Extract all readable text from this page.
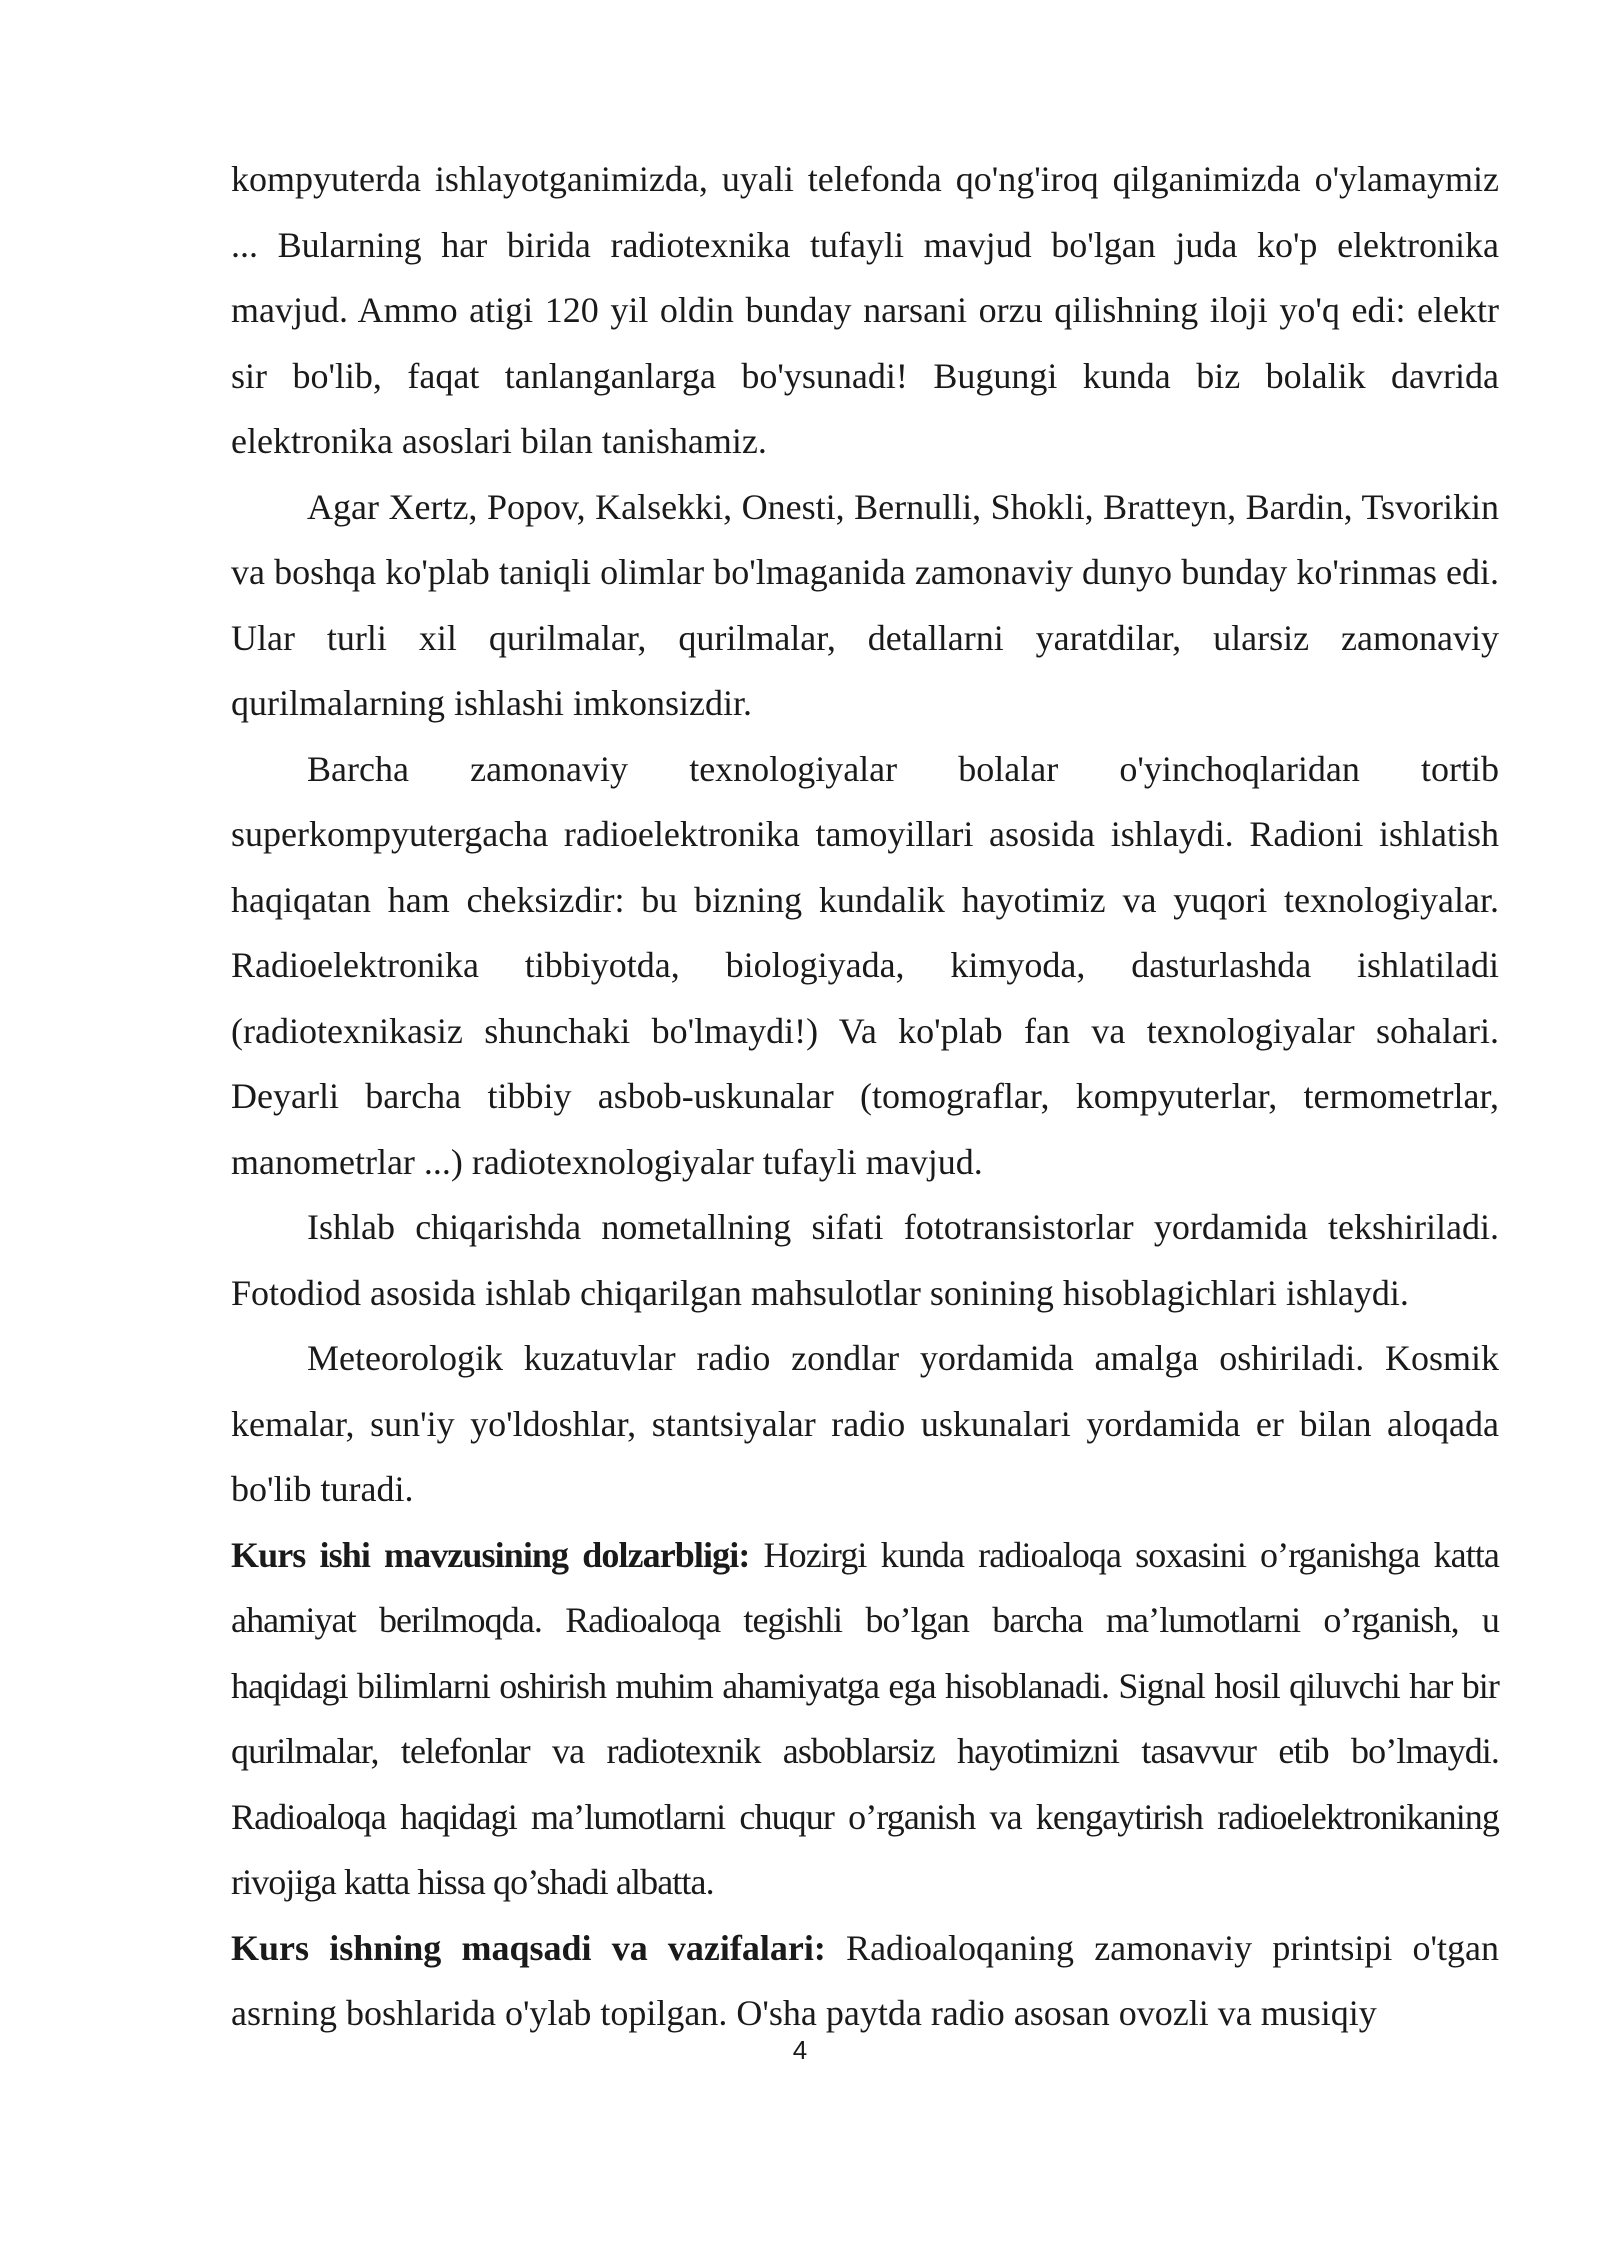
kompyuterda ishlayotganimizda, uyali telefonda qo'ng'iroq qilganimizda o'ylamaymiz ... Bularning har birida radiotexnika tufayli mavjud bo'lgan juda ko'p elektronika mavjud. Ammo atigi 120 yil oldin bunday narsani orzu qilishning iloji yo'q edi: elektr sir bo'lib, faqat tanlanganlarga bo'ysunadi! Bugungi kunda biz bolalik davrida elektronika asoslari bilan tanishamiz.

Agar Xertz, Popov, Kalsekki, Onesti, Bernulli, Shokli, Bratteyn, Bardin, Tsvorikin va boshqa ko'plab taniqli olimlar bo'lmaganida zamonaviy dunyo bunday ko'rinmas edi. Ular turli xil qurilmalar, qurilmalar, detallarni yaratdilar, ularsiz zamonaviy qurilmalarning ishlashi imkonsizdir.

Barcha zamonaviy texnologiyalar bolalar o'yinchoqlaridan tortib superkompyutergacha radioelektronika tamoyillari asosida ishlaydi. Radioni ishlatish haqiqatan ham cheksizdir: bu bizning kundalik hayotimiz va yuqori texnologiyalar. Radioelektronika tibbiyotda, biologiyada, kimyoda, dasturlashda ishlatiladi (radiotexnikasiz shunchaki bo'lmaydi!) Va ko'plab fan va texnologiyalar sohalari. Deyarli barcha tibbiy asbob-uskunalar (tomograflar, kompyuterlar, termometrlar, manometrlar ...) radiotexnologiyalar tufayli mavjud.

Ishlab chiqarishda nometallning sifati fototransistorlar yordamida tekshiriladi. Fotodiod asosida ishlab chiqarilgan mahsulotlar sonining hisoblagichlari ishlaydi.

Meteorologik kuzatuvlar radio zondlar yordamida amalga oshiriladi. Kosmik kemalar, sun'iy yo'ldoshlar, stantsiyalar radio uskunalari yordamida er bilan aloqada bo'lib turadi.

Kurs ishi mavzusining dolzarbligi: Hozirgi kunda radioaloqa soxasini o’rganishga katta ahamiyat berilmoqda. Radioaloqa tegishli bo’lgan barcha ma’lumotlarni o’rganish, u haqidagi bilimlarni oshirish muhim ahamiyatga ega hisoblanadi. Signal hosil qiluvchi har bir qurilmalar, telefonlar va radiotexnik asboblarsiz hayotimizni tasavvur etib bo’lmaydi. Radioaloqa haqidagi ma’lumotlarni chuqur o’rganish va kengaytirish radioelektronikaning rivojiga katta hissa qo’shadi albatta.

Kurs ishning maqsadi va vazifalari: Radioaloqaning zamonaviy printsipi o'tgan asrning boshlarida o'ylab topilgan. O'sha paytda radio asosan ovozli va musiqiy

4
